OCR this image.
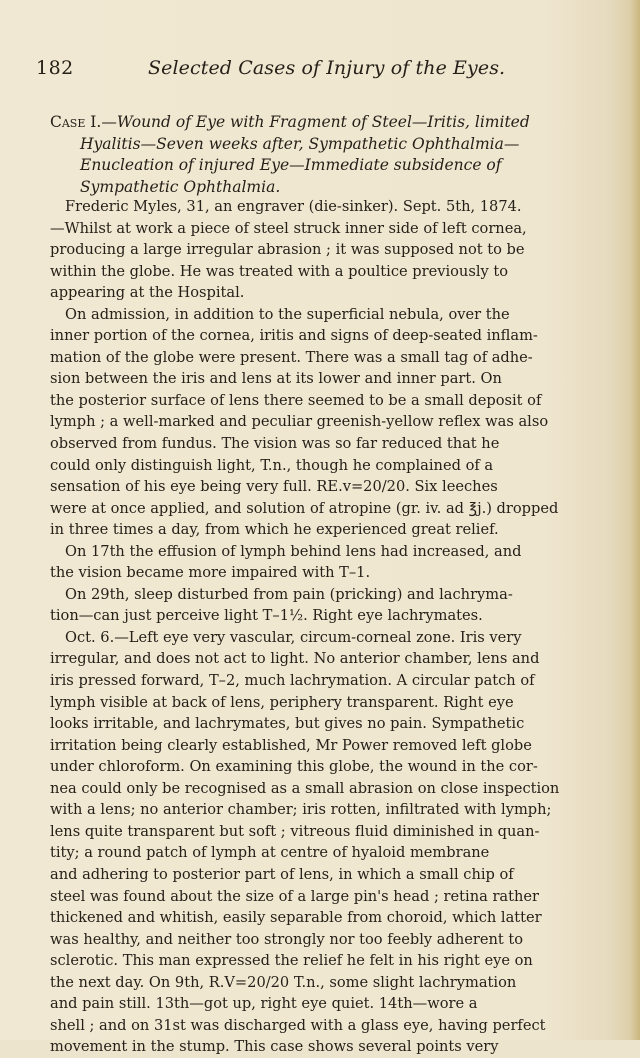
182	Selected Cases of Injury of the Eyes.
Case I.—Wound of Eye with Fragment of Steel—Iritis, limited
Hyalitis—Seven weeks after, Sympathetic Ophthalmia—
Enucleation of injured Eye—Immediate subsidence of
Sympathetic Ophthalmia.
Frederic Myles, 31, an engraver (die-sinker). Sept. 5th, 1874.
—Whilst at work a piece of steel struck inner side of left cornea,
producing a large irregular abrasion ; it was supposed not to be
within the globe. He was treated with a poultice previously to
appearing at the Hospital.
On admission, in addition to the superficial nebula, over the
inner portion of the cornea, iritis and signs of deep-seated inflam-
mation of the globe were present. There was a small tag of adhe-
sion between the iris and lens at its lower and inner part. On
the posterior surface of lens there seemed to be a small deposit of
lymph ; a well-marked and peculiar greenish-yellow reflex was also
observed from fundus. The vision was so far reduced that he
could only distinguish light, T.n., though he complained of a
sensation of his eye being very full. RE.v=20/20. Six leeches
were at once applied, and solution of atropine (gr. iv. ad ℥j.) dropped
in three times a day, from which he experienced great relief.
On 17th the effusion of lymph behind lens had increased, and
the vision became more impaired with T–1.
On 29th, sleep disturbed from pain (pricking) and lachryma-
tion—can just perceive light T–1½. Right eye lachrymates.
Oct. 6.—Left eye very vascular, circum-corneal zone. Iris very
irregular, and does not act to light. No anterior chamber, lens and
iris pressed forward, T–2, much lachrymation. A circular patch of
lymph visible at back of lens, periphery transparent. Right eye
looks irritable, and lachrymates, but gives no pain. Sympathetic
irritation being clearly established, Mr Power removed left globe
under chloroform. On examining this globe, the wound in the cor-
nea could only be recognised as a small abrasion on close inspection
with a lens; no anterior chamber; iris rotten, infiltrated with lymph;
lens quite transparent but soft ; vitreous fluid diminished in quan-
tity; a round patch of lymph at centre of hyaloid membrane
and adhering to posterior part of lens, in which a small chip of
steel was found about the size of a large pin's head ; retina rather
thickened and whitish, easily separable from choroid, which latter
was healthy, and neither too strongly nor too feebly adherent to
sclerotic. This man expressed the relief he felt in his right eye on
the next day. On 9th, R.V=20/20 T.n., some slight lachrymation
and pain still. 13th—got up, right eye quiet. 14th—wore a
shell ; and on 31st was discharged with a glass eye, having perfect
movement in the stump. This case shows several points very
